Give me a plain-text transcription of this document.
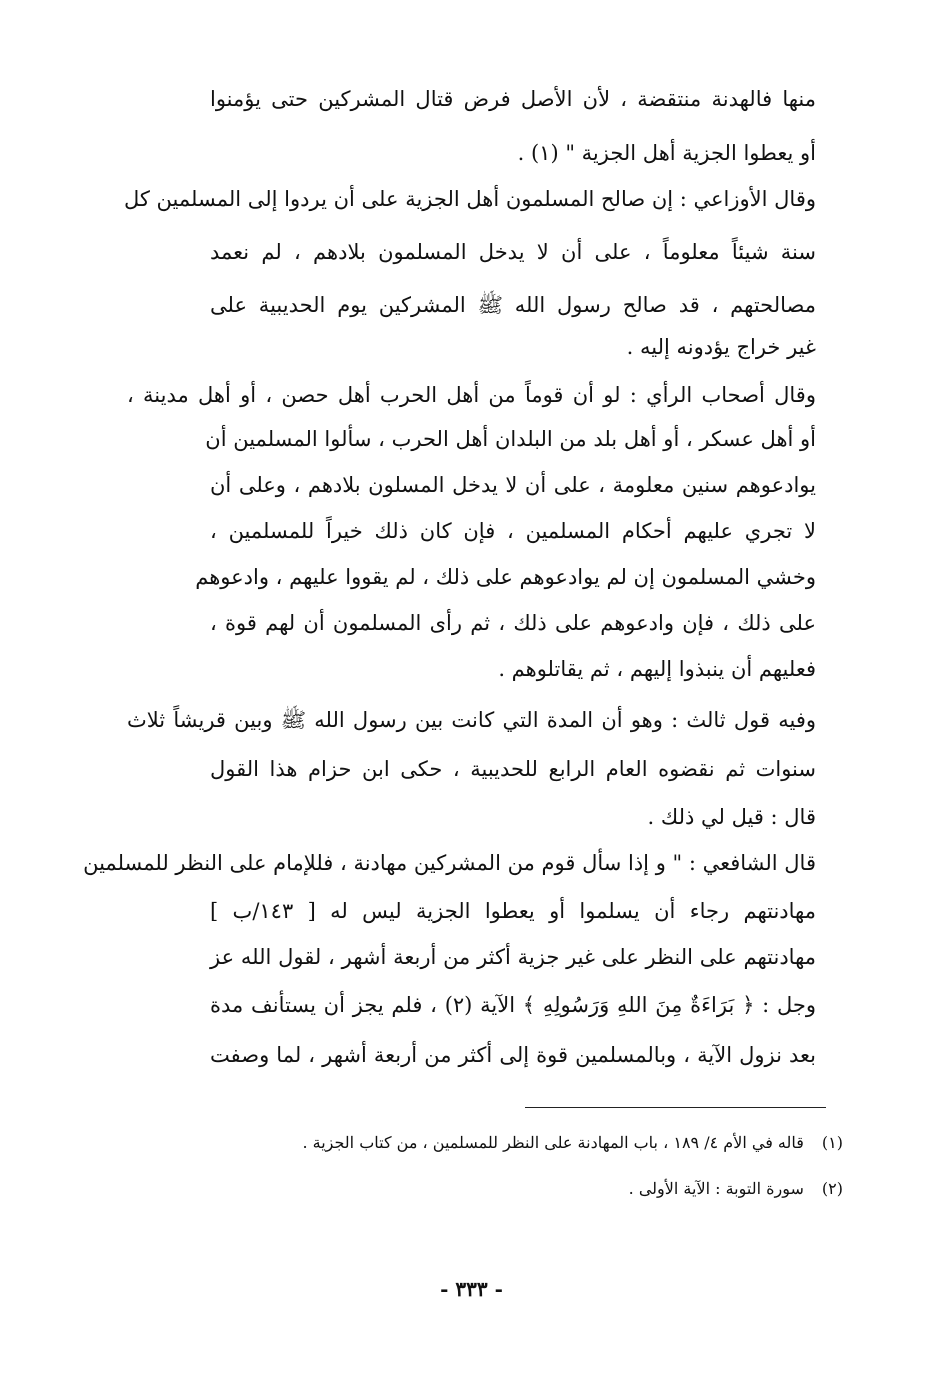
منها فالهدنة منتقضة ، لأن الأصل فرض قتال المشركين حتى يؤمنوا
أو يعطوا الجزية أهل الجزية " (١) .
وقال الأوزاعي : إن صالح المسلمون أهل الجزية على أن يردوا إلى المسلمين كل
سنة شيئاً معلوماً ، على أن لا يدخل المسلمون بلادهم ، لم نعمد
مصالحتهم ، قد صالح رسول الله ﷺ المشركين يوم الحديبية على
غير خراج يؤدونه إليه .
وقال أصحاب الرأي : لو أن قوماً من أهل الحرب أهل حصن ، أو أهل مدينة ،
أو أهل عسكر ، أو أهل بلد من البلدان أهل الحرب ، سألوا المسلمين أن
يوادعوهم سنين معلومة ، على أن لا يدخل المسلون بلادهم ، وعلى أن
لا تجري عليهم أحكام المسلمين ، فإن كان ذلك خيراً للمسلمين ،
وخشي المسلمون إن لم يوادعوهم على ذلك ، لم يقووا عليهم ، وادعوهم
على ذلك ، فإن وادعوهم على ذلك ، ثم رأى المسلمون أن لهم قوة ،
فعليهم أن ينبذوا إليهم ، ثم يقاتلوهم .
وفيه قول ثالث : وهو أن المدة التي كانت بين رسول الله ﷺ وبين قريشاً ثلاث
سنوات ثم نقضوه العام الرابع للحديبية ، حكى ابن حزام هذا القول
قال : قيل لي ذلك .
قال الشافعي : " و إذا سأل قوم من المشركين مهادنة ، فللإمام على النظر للمسلمين
مهادنتهم رجاء أن يسلموا أو يعطوا الجزية ليس له [ ١٤٣/ب ]
مهادنتهم على النظر على غير جزية أكثر من أربعة أشهر ، لقول الله عز
وجل : ﴿ بَرَاءَةٌ مِنَ اللهِ وَرَسُولِهِ ﴾ الآية (٢) ، فلم يجز أن يستأنف مدة
بعد نزول الآية ، وبالمسلمين قوة إلى أكثر من أربعة أشهر ، لما وصفت
(١)قاله في الأم ٤/ ١٨٩ ، باب المهادنة على النظر للمسلمين ، من كتاب الجزية .
(٢)سورة التوبة : الآية الأولى .
- ٣٣٣ -
